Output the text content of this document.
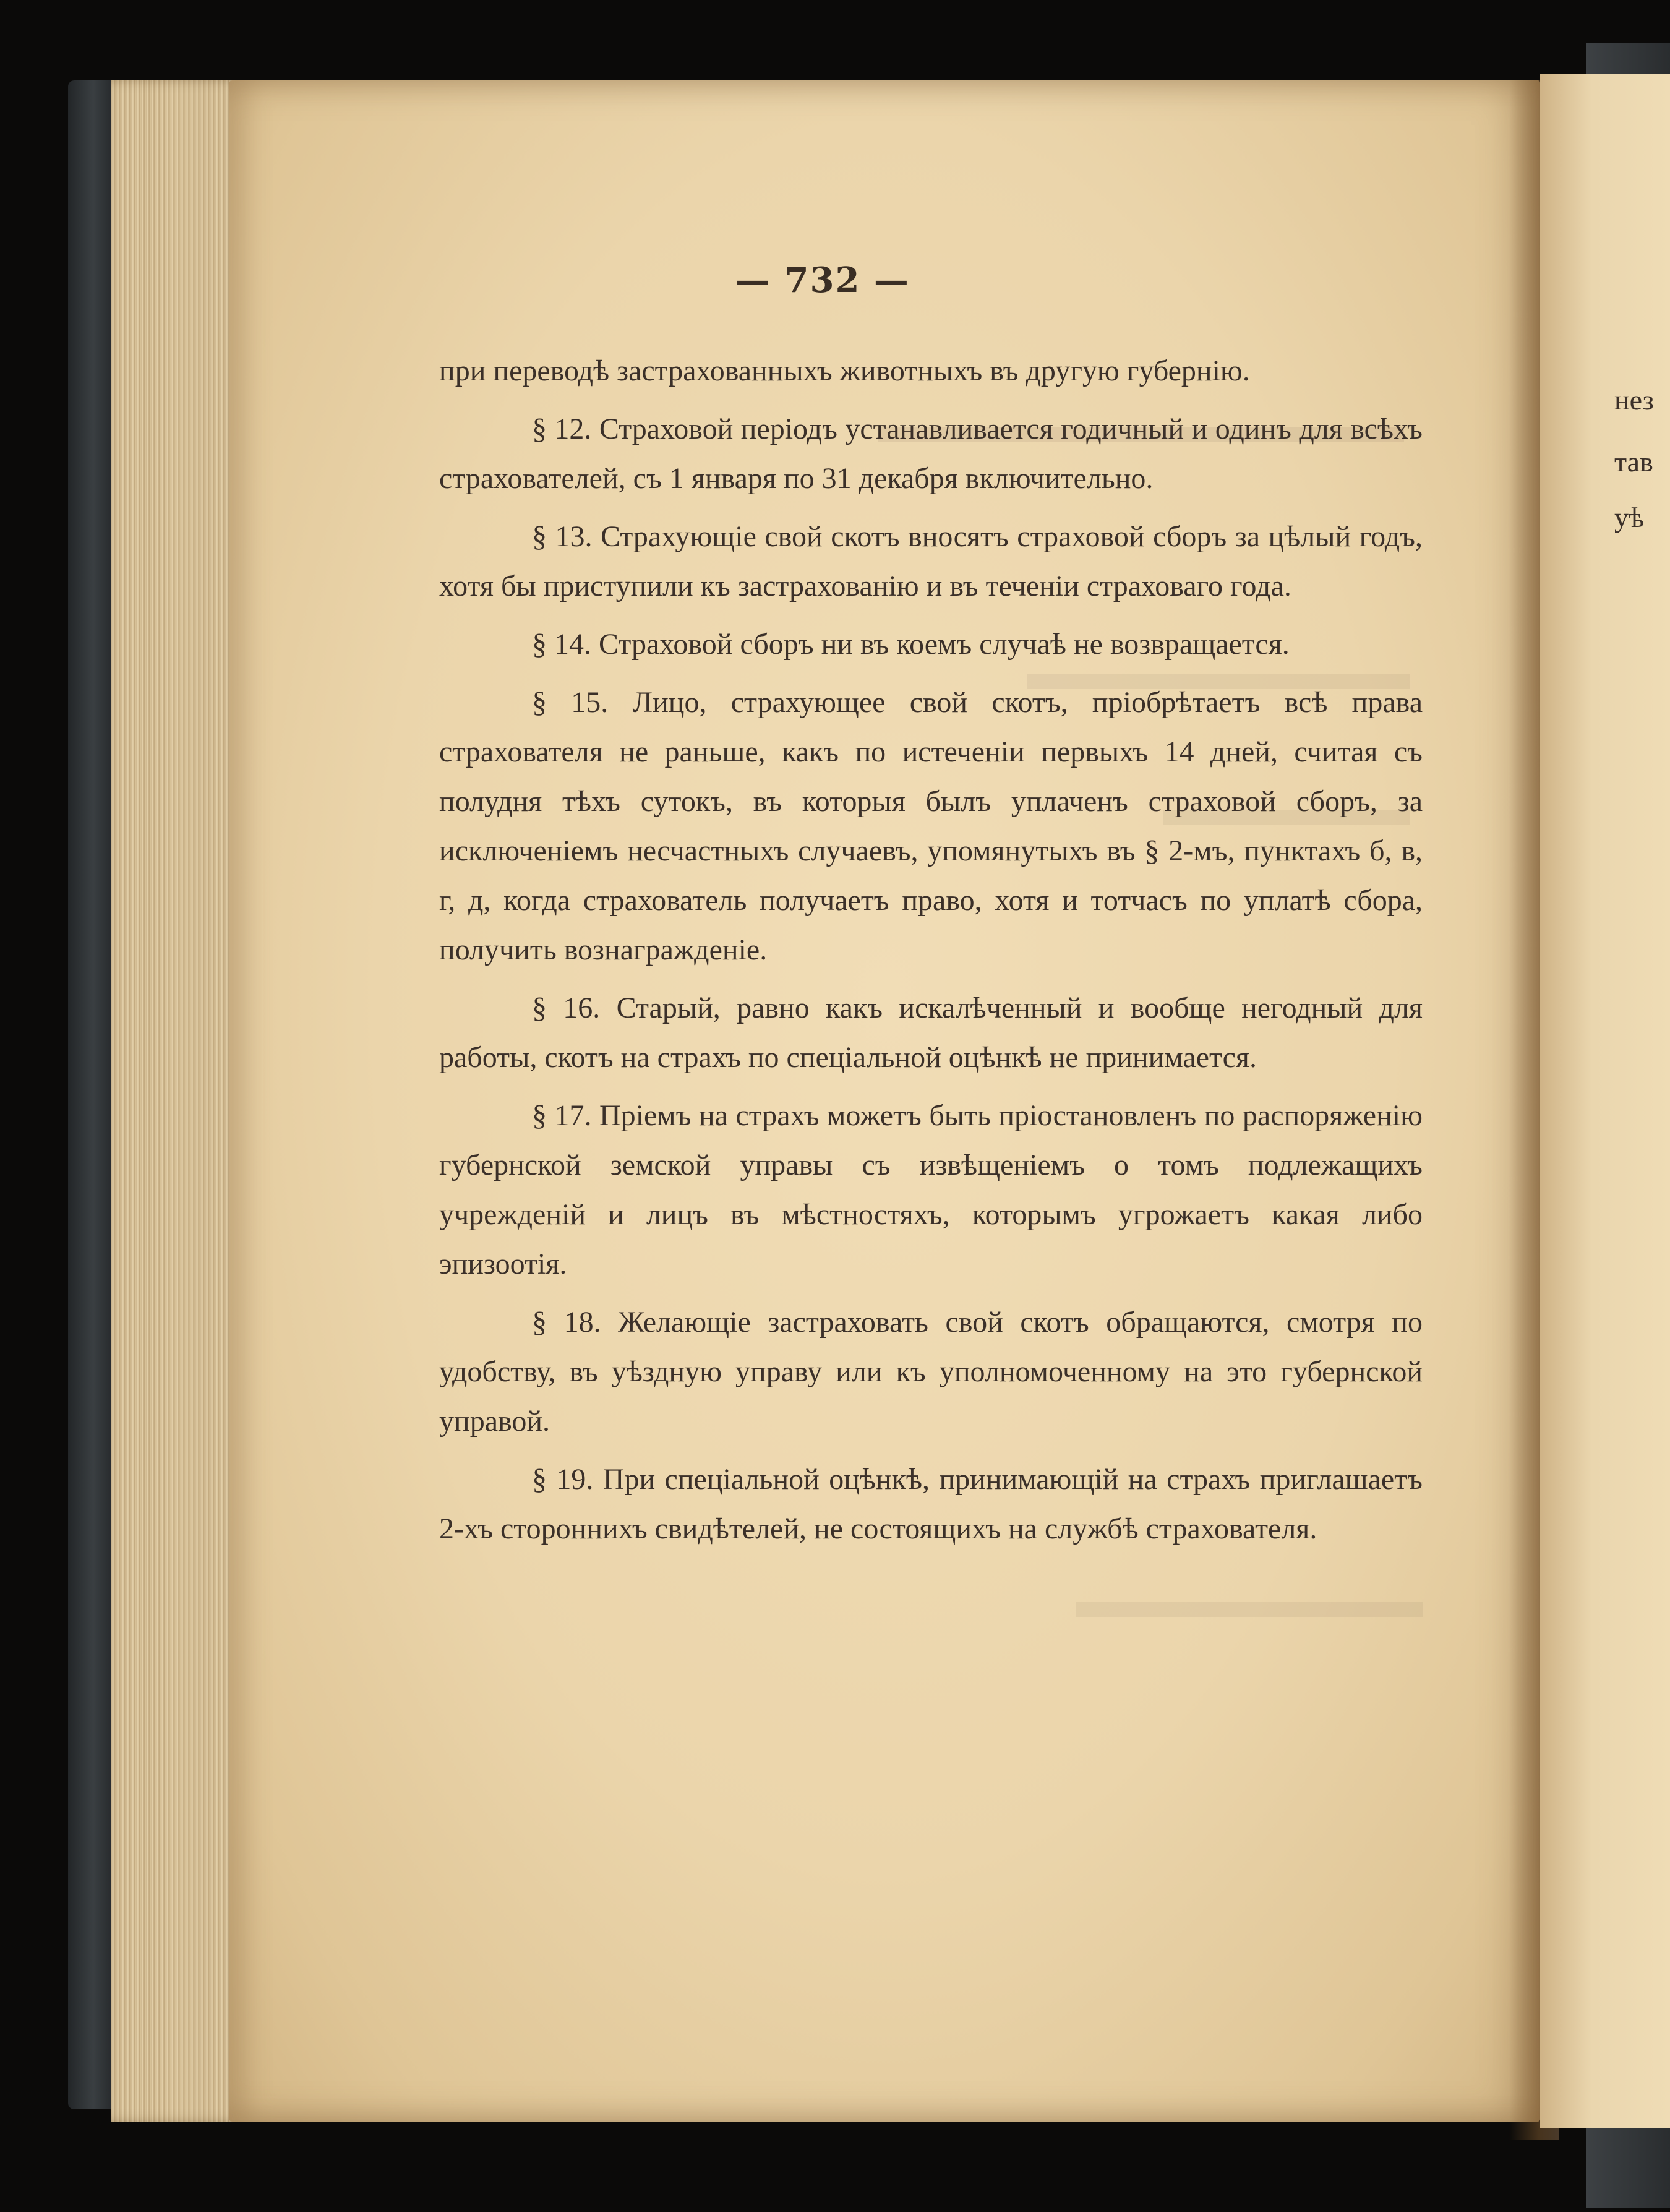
— 732 —

при переводѣ застрахованныхъ животныхъ въ другую губернію.

§ 12. Страховой періодъ устанавливается годичный и одинъ для всѣхъ страхователей, съ 1 января по 31 декабря включительно.

§ 13. Страхующіе свой скотъ вносятъ страховой сборъ за цѣлый годъ, хотя бы приступили къ застрахованію и въ теченіи страховаго года.

§ 14. Страховой сборъ ни въ коемъ случаѣ не возвращается.

§ 15. Лицо, страхующее свой скотъ, пріобрѣтаетъ всѣ права страхователя не раньше, какъ по истеченіи первыхъ 14 дней, считая съ полудня тѣхъ сутокъ, въ которыя былъ уплаченъ страховой сборъ, за исключеніемъ несчастныхъ случаевъ, упомянутыхъ въ § 2-мъ, пунктахъ б, в, г, д, когда страхователь получаетъ право, хотя и тотчасъ по уплатѣ сбора, получить вознагражденіе.

§ 16. Старый, равно какъ искалѣченный и вообще негодный для работы, скотъ на страхъ по спеціальной оцѣнкѣ не принимается.

§ 17. Пріемъ на страхъ можетъ быть пріостановленъ по распоряженію губернской земской управы съ извѣщеніемъ о томъ подлежащихъ учрежденій и лицъ въ мѣстностяхъ, которымъ угрожаетъ какая либо эпизоотія.

§ 18. Желающіе застраховать свой скотъ обращаются, смотря по удобству, въ уѣздную управу или къ уполномоченному на это губернской управой.

§ 19. При спеціальной оцѣнкѣ, принимающій на страхъ приглашаетъ 2-хъ стороннихъ свидѣтелей, не состоящихъ на службѣ страхователя.

нез
тав
уѣ
